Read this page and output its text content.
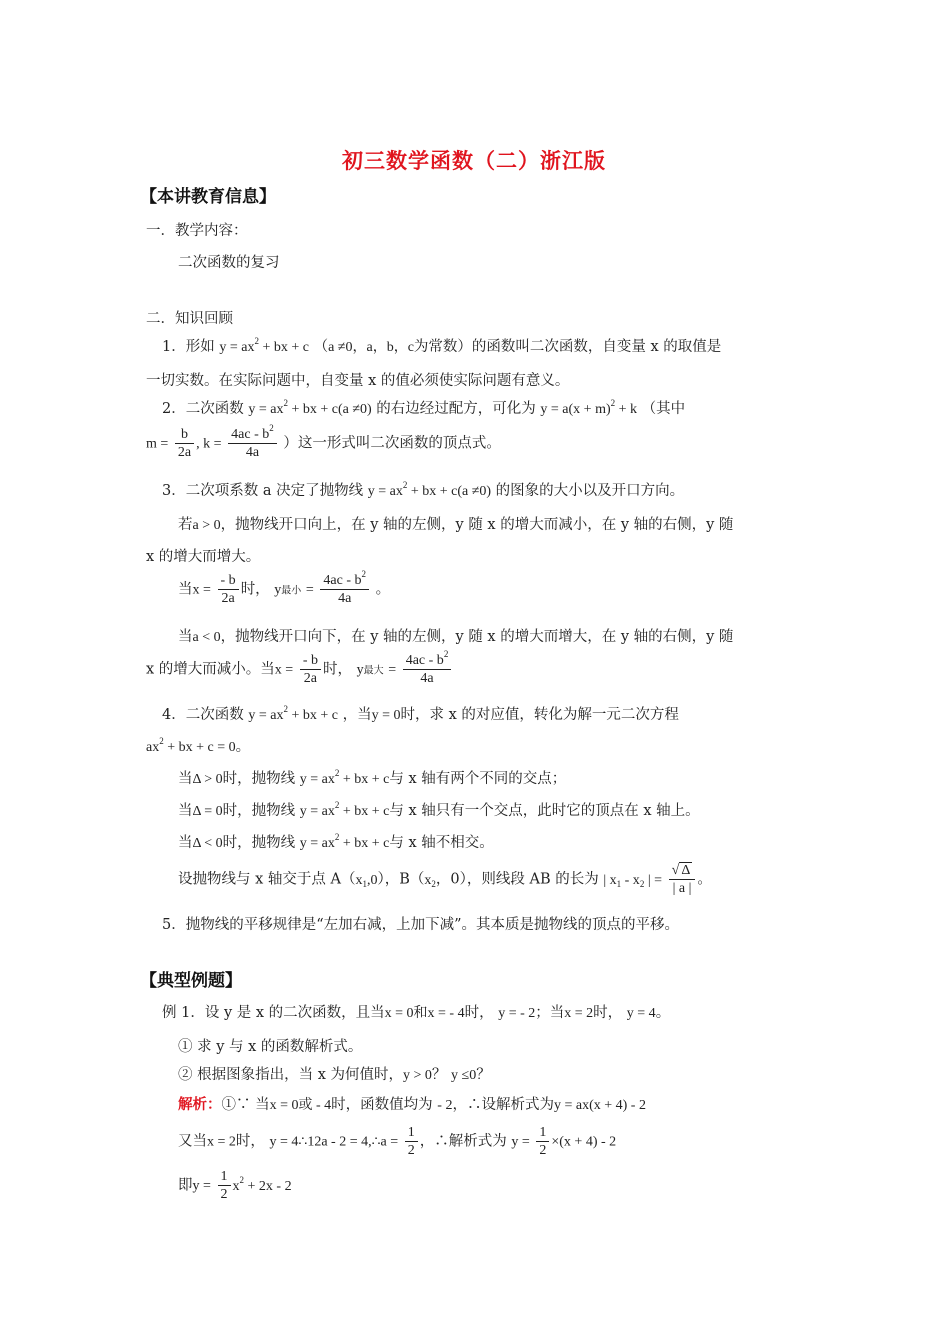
初三数学函数（二）浙江版
【本讲教育信息】
一．教学内容：
二次函数的复习
二．知识回顾
1．形如 $y = ax^2$ + bx + c （a ≠0，a，b，c为常数）的函数叫二次函数，自变量 x 的取值是
一切实数。在实际问题中，自变量 x 的值必须使实际问题有意义。
2．二次函数 $y = ax^2$ + bx + c(a ≠0) 的右边经过配方，可化为 $y = a(x + m)^2 + k$ （其中
$m = \frac{b}{2a}$ , $k = \frac{4ac - b^2}{4a}$ ）这一形式叫二次函数的顶点式。
3．二次项系数 a 决定了抛物线 $y = ax^2$ + bx + c(a ≠0) 的图象的大小以及开口方向。
若a > 0，抛物线开口向上，在 y 轴的左侧，y 随 x 的增大而减小，在 y 轴的右侧，y 随
x 的增大而增大。
当$x = \frac{- b}{2a}$ 时， y最小 = $\frac{4ac - b^2}{4a}$ 。
当a < 0，抛物线开口向下，在 y 轴的左侧，y 随 x 的增大而增大，在 y 轴的右侧，y 随
x 的增大而减小。当$x = \frac{- b}{2a}$ 时， y最大 = $\frac{4ac - b^2}{4a}$
4．二次函数 $y = ax^2$ + bx + c ，当y = 0时，求 x 的对应值，转化为解一元二次方程
$ax^2$ + bx + c = 0。
当Δ > 0时，抛物线 $y = ax^2$ + bx + c与 x 轴有两个不同的交点；
当Δ = 0时，抛物线 $y = ax^2$ + bx + c与 x 轴只有一个交点，此时它的顶点在 x 轴上。
当Δ < 0时，抛物线 $y = ax^2$ + bx + c与 x 轴不相交。
设抛物线与 x 轴交于点 $A(x_1,0)$，$B(x_2$，0），则线段 AB 的长为 | $x_1 - x_2$ | = $\frac{√ \Delta}{| a |}$ 。
5．抛物线的平移规律是“左加右减，上加下减”。其本质是抛物线的顶点的平移。
【典型例题】
例 1．设 y 是 x 的二次函数，且当x = 0和x = - 4时， y = - 2；当x = 2时， y = 4。
① 求 y 与 x 的函数解析式。
② 根据图象指出，当 x 为何值时，y > 0？ y ≤0？
解析：①∵ 当x = 0或 - 4时，函数值均为 - 2，∴设解析式为y = ax(x + 4) - 2
又当x = 2时， y = 4∴12a - 2 = 4,∴a = $\frac{1}{2}$ ，∴解析式为 $y = \frac{1}{2} \times(x + 4) - 2$
即$y = \frac{1}{2} x^2 + 2x - 2$
